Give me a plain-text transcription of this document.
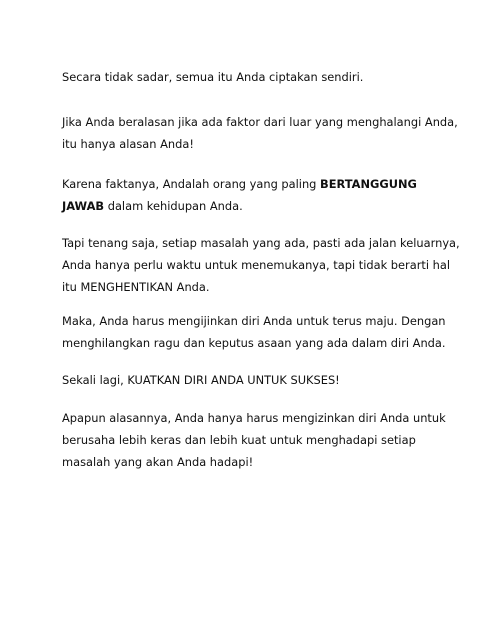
Secara tidak sadar, semua itu Anda ciptakan sendiri.

Jika Anda beralasan jika ada faktor dari luar yang menghalangi Anda, itu hanya alasan Anda!

Karena faktanya, Andalah orang yang paling BERTANGGUNG JAWAB dalam kehidupan Anda.

Tapi tenang saja, setiap masalah yang ada, pasti ada jalan keluarnya, Anda hanya perlu waktu untuk menemukanya, tapi tidak berarti hal itu MENGHENTIKAN Anda.

Maka, Anda harus mengijinkan diri Anda untuk terus maju. Dengan menghilangkan ragu dan keputus asaan yang ada dalam diri Anda.

Sekali lagi, KUATKAN DIRI ANDA UNTUK SUKSES!

Apapun alasannya, Anda hanya harus mengizinkan diri Anda untuk berusaha lebih keras dan lebih kuat untuk menghadapi setiap masalah yang akan Anda hadapi!
